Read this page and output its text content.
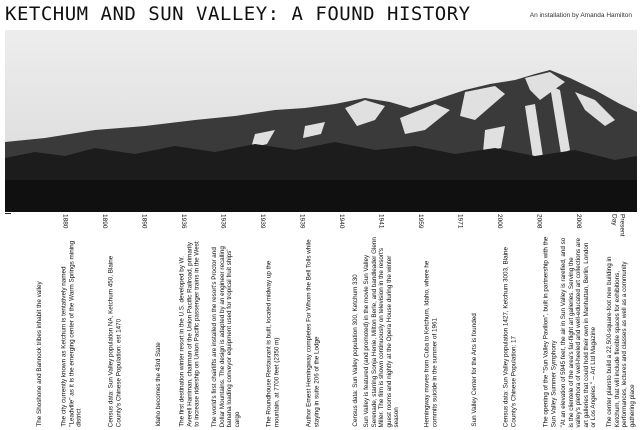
KETCHUM AND SUN VALLEY: A FOUND HISTORY	An installation by Amanda Hamilton
The Shoshone and Bannock tribes inhabit the valley
1880
The city currently known as Ketchum is tentatively named "Leadville" as it is the emerging center of the Warm Springs mining district
1890
Census data: Sun Valley population NA, Ketchum 450, Blaine County's Chinese Population: est 1470
1890
Idaho becomes the 43rd State
1936
The first destination winter resort in the U.S. developed by W. Averell Harriman, chairman of the Union Pacific Railroad, primarily to increase ridership on Union Pacific passenger trains in the West
1936
The world's first chairlifts are installed on the resort's Proctor and Dollar Mountains. The design is adapted by an engineer recalling banana loading conveyor equipment used for tropical fruit ships' cargo
1939
The Roundhouse Restaurant is built, located midway up the mountain, at 7700 feet (2350 m)
1939
Author Ernest Hemingway completes For Whom the Bell Tolls while staying in suite 206 of the Lodge
1940
Census data: Sun Valley population 300, Ketchum 330
1941
Sun Valley is featured (and promoted) in the movie Sun Valley Serenade, starring Sonja Henie, Milton Berle, and bandleader Glenn Miller. The film is shown continuously on television in the resort's guest rooms and nightly at the Opera House during the winter season
1959
Hemingway moves from Cuba to Ketchum, Idaho, where he commits suicide in the summer of 1961
1971
Sun Valley Center for the Arts is founded
2000
Census data: Sun Valley population 1427, Ketchum 3003, Blaine County's Chinese Population: 17
2008
The opening of the "Sun Valley Pavilion", built in partnership with the Sun Valley Summer Symphony
2008
"At an elevation of 5945 feet, the air in Sun Valley is rarefied, and so is the clientele of the area's far-flight art galleries. Serving the valley's plethora of well-heeled and well-educated art collections are art galleries that could hold their own in Manhattan, Berlin, London or Los Angeles." -- Art Ltd Magazine
Present
Day
The center plansto build a 22,500-square-foot new building in Ketchum, that will include flexible spaces for exhibitions, performances, lectures and classes as well as a community gathering place
